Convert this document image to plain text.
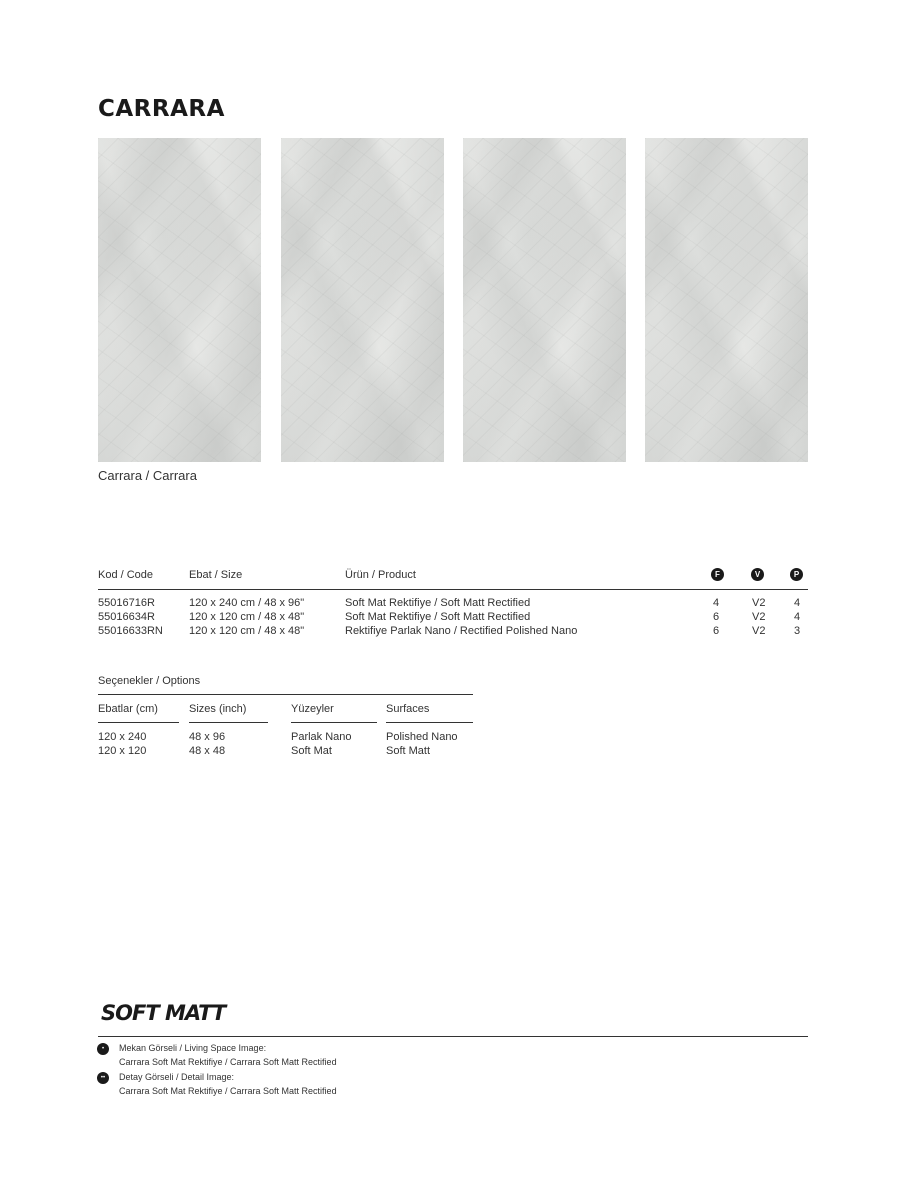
CARRARA
Carrara / Carrara
Kod / Code	Ebat / Size	Ürün / Product	F	V	P
55016716R	120 x 240 cm / 48 x 96"	Soft Mat Rektifiye / Soft Matt Rectified	4	V2	4
55016634R	120 x 120 cm / 48 x 48"	Soft Mat Rektifiye / Soft Matt Rectified	6	V2	4
55016633RN 120 x 120 cm / 48 x 48"	Rektifiye Parlak Nano / Rectified Polished Nano	6	V2	3
Seçenekler / Options
Ebatlar (cm)	Sizes (inch)	Yüzeyler	Surfaces
120 x 240	48 x 96	Parlak Nano	Polished Nano
120 x 120	48 x 48	Soft Mat	Soft Matt
SOFT MATT
•	Mekan Görseli / Living Space Image:
Carrara Soft Mat Rektifiye / Carrara Soft Matt Rectified
••	Detay Görseli / Detail Image:
Carrara Soft Mat Rektifiye / Carrara Soft Matt Rectified
